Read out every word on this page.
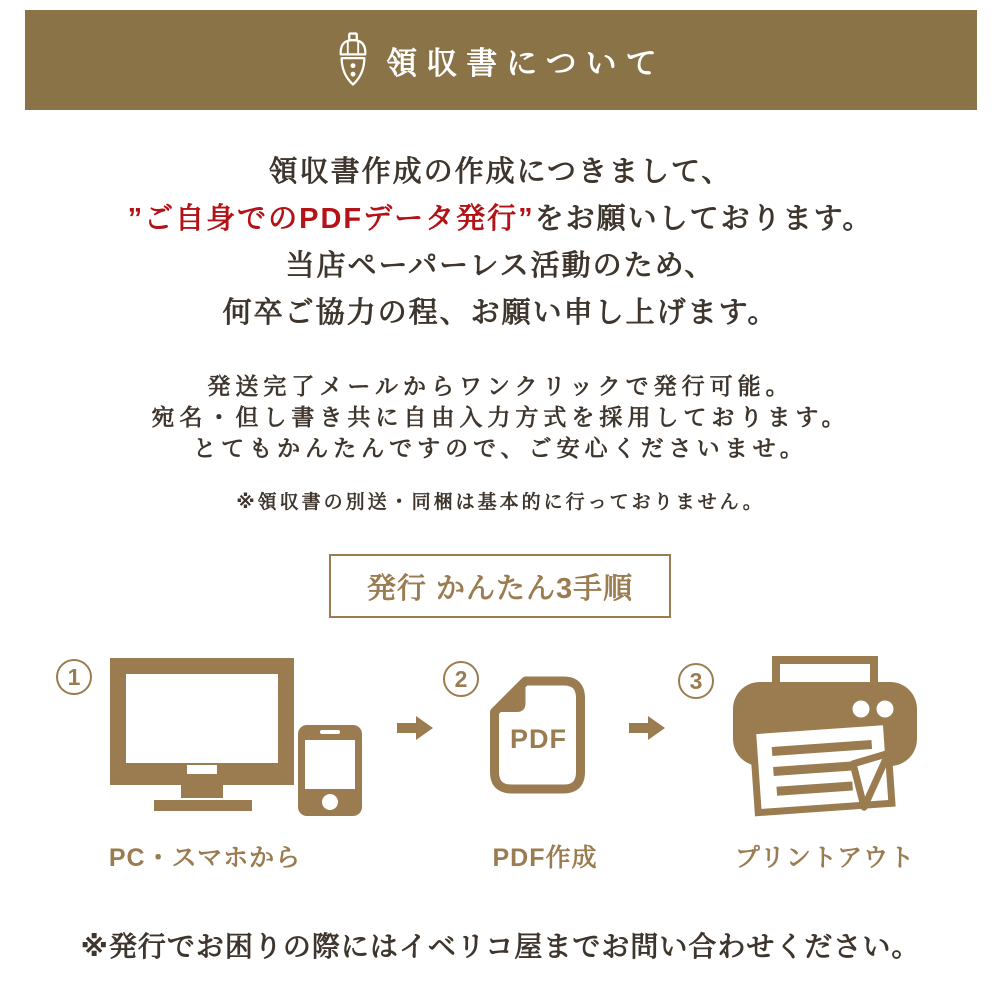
領収書について

領収書作成の作成につきまして、

”ご自身でのPDFデータ発行”をお願いしております。

当店ペーパーレス活動のため、

何卒ご協力の程、お願い申し上げます。

発送完了メールからワンクリックで発行可能。

宛名・但し書き共に自由入力方式を採用しております。

とてもかんたんですので、ご安心くださいませ。

※領収書の別送・同梱は基本的に行っておりません。

発行 かんたん3手順
1
PC・スマホから
2
PDF
PDF作成
3
プリントアウト

※発行でお困りの際にはイベリコ屋までお問い合わせください。
